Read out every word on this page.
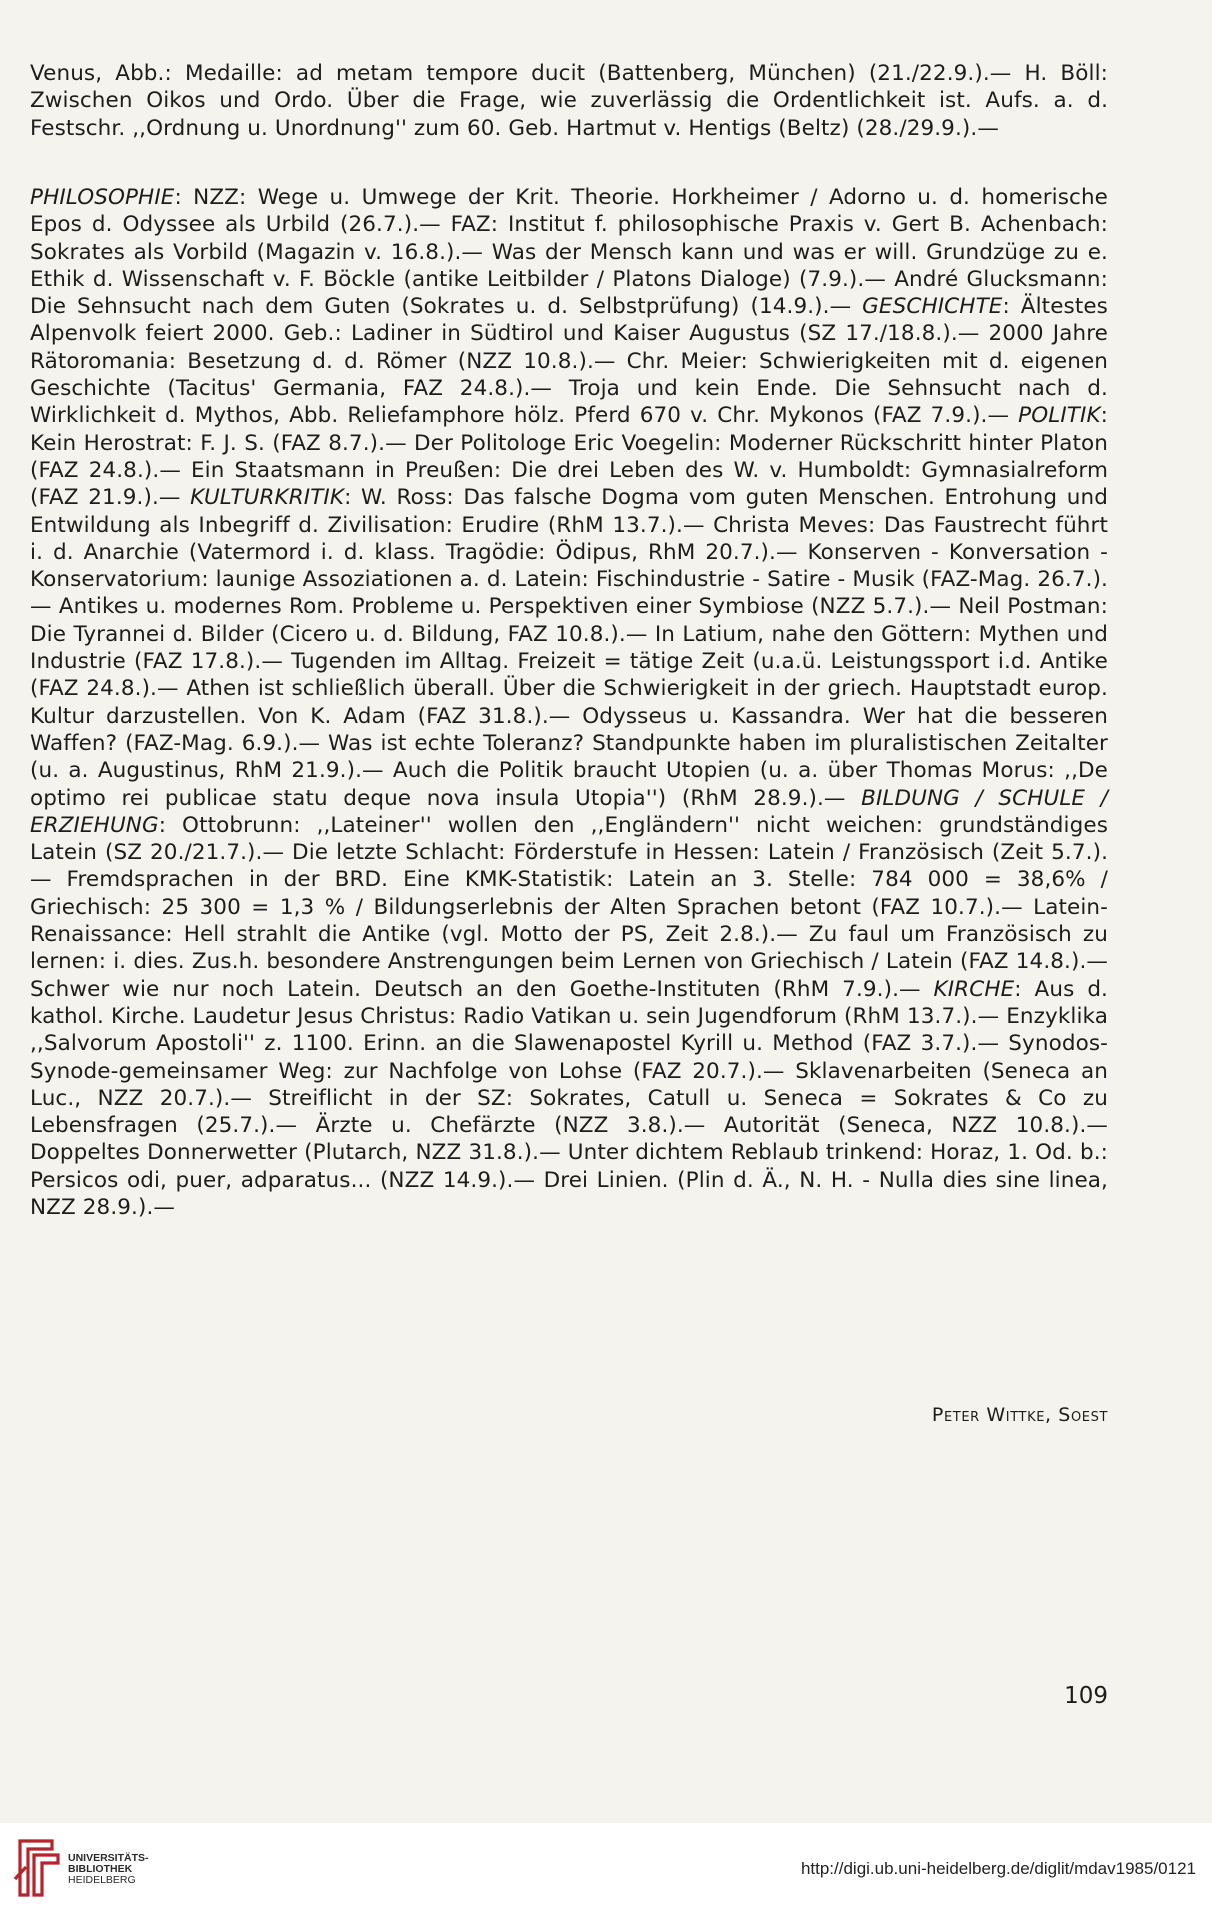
Venus, Abb.: Medaille: ad metam tempore ducit (Battenberg, München) (21./22.9.).— H. Böll: Zwischen Oikos und Ordo. Über die Frage, wie zuverlässig die Ordentlichkeit ist. Aufs. a. d. Festschr. ,,Ordnung u. Unordnung'' zum 60. Geb. Hartmut v. Hentigs (Beltz) (28./29.9.).—

PHILOSOPHIE: NZZ: Wege u. Umwege der Krit. Theorie. Horkheimer / Adorno u. d. homerische Epos d. Odyssee als Urbild (26.7.).— FAZ: Institut f. philosophische Praxis v. Gert B. Achenbach: Sokrates als Vorbild (Magazin v. 16.8.).— Was der Mensch kann und was er will. Grundzüge zu e. Ethik d. Wissenschaft v. F. Böckle (antike Leitbilder / Platons Dialoge) (7.9.).— André Glucksmann: Die Sehnsucht nach dem Guten (Sokrates u. d. Selbstprüfung) (14.9.).— GESCHICHTE: Ältestes Alpenvolk feiert 2000. Geb.: Ladiner in Südtirol und Kaiser Augustus (SZ 17./18.8.).— 2000 Jahre Rätoromania: Besetzung d. d. Römer (NZZ 10.8.).— Chr. Meier: Schwierigkeiten mit d. eigenen Geschichte (Tacitus' Germania, FAZ 24.8.).— Troja und kein Ende. Die Sehnsucht nach d. Wirklichkeit d. Mythos, Abb. Reliefamphore hölz. Pferd 670 v. Chr. Mykonos (FAZ 7.9.).— POLITIK: Kein Herostrat: F. J. S. (FAZ 8.7.).— Der Politologe Eric Voegelin: Moderner Rückschritt hinter Platon (FAZ 24.8.).— Ein Staatsmann in Preußen: Die drei Leben des W. v. Humboldt: Gymnasialreform (FAZ 21.9.).— KULTURKRITIK: W. Ross: Das falsche Dogma vom guten Menschen. Entrohung und Entwildung als Inbegriff d. Zivilisation: Erudire (RhM 13.7.).— Christa Meves: Das Faustrecht führt i. d. Anarchie (Vatermord i. d. klass. Tragödie: Ödipus, RhM 20.7.).— Konserven - Konversation - Konservatorium: launige Assoziationen a. d. Latein: Fischindustrie - Satire - Musik (FAZ-Mag. 26.7.).— Antikes u. modernes Rom. Probleme u. Perspektiven einer Symbiose (NZZ 5.7.).— Neil Postman: Die Tyrannei d. Bilder (Cicero u. d. Bildung, FAZ 10.8.).— In Latium, nahe den Göttern: Mythen und Industrie (FAZ 17.8.).— Tugenden im Alltag. Freizeit = tätige Zeit (u.a.ü. Leistungssport i.d. Antike (FAZ 24.8.).— Athen ist schließlich überall. Über die Schwierigkeit in der griech. Hauptstadt europ. Kultur darzustellen. Von K. Adam (FAZ 31.8.).— Odysseus u. Kassandra. Wer hat die besseren Waffen? (FAZ-Mag. 6.9.).— Was ist echte Toleranz? Standpunkte haben im pluralistischen Zeitalter (u. a. Augustinus, RhM 21.9.).— Auch die Politik braucht Utopien (u. a. über Thomas Morus: ,,De optimo rei publicae statu deque nova insula Utopia'') (RhM 28.9.).— BILDUNG / SCHULE / ERZIEHUNG: Ottobrunn: ,,Lateiner'' wollen den ,,Engländern'' nicht weichen: grundständiges Latein (SZ 20./21.7.).— Die letzte Schlacht: Förderstufe in Hessen: Latein / Französisch (Zeit 5.7.).— Fremdsprachen in der BRD. Eine KMK-Statistik: Latein an 3. Stelle: 784 000 = 38,6% / Griechisch: 25 300 = 1,3 % / Bildungserlebnis der Alten Sprachen betont (FAZ 10.7.).— Latein-Renaissance: Hell strahlt die Antike (vgl. Motto der PS, Zeit 2.8.).— Zu faul um Französisch zu lernen: i. dies. Zus.h. besondere Anstrengungen beim Lernen von Griechisch / Latein (FAZ 14.8.).— Schwer wie nur noch Latein. Deutsch an den Goethe-Instituten (RhM 7.9.).— KIRCHE: Aus d. kathol. Kirche. Laudetur Jesus Christus: Radio Vatikan u. sein Jugendforum (RhM 13.7.).— Enzyklika ,,Salvorum Apostoli'' z. 1100. Erinn. an die Slawenapostel Kyrill u. Method (FAZ 3.7.).— Synodos-Synode-gemeinsamer Weg: zur Nachfolge von Lohse (FAZ 20.7.).— Sklavenarbeiten (Seneca an Luc., NZZ 20.7.).— Streiflicht in der SZ: Sokrates, Catull u. Seneca = Sokrates & Co zu Lebensfragen (25.7.).— Ärzte u. Chefärzte (NZZ 3.8.).— Autorität (Seneca, NZZ 10.8.).— Doppeltes Donnerwetter (Plutarch, NZZ 31.8.).— Unter dichtem Reblaub trinkend: Horaz, 1. Od. b.: Persicos odi, puer, adparatus... (NZZ 14.9.).— Drei Linien. (Plin d. Ä., N. H. - Nulla dies sine linea, NZZ 28.9.).—

Peter Wittke, Soest
109
UNIVERSITÄTS-
BIBLIOTHEK
HEIDELBERG
http://digi.ub.uni-heidelberg.de/diglit/mdav1985/0121
